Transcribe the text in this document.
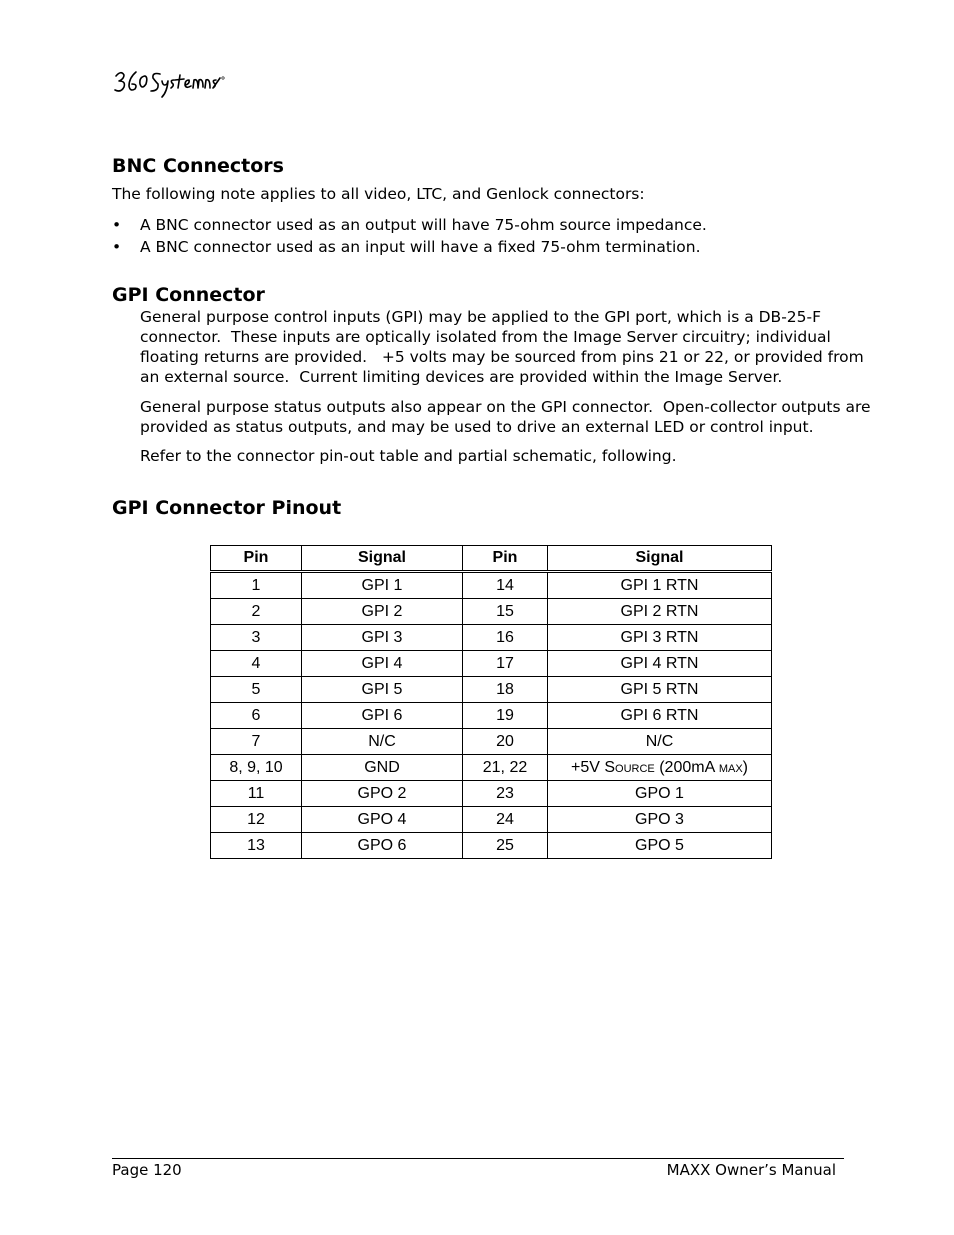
BNC Connectors

The following note applies to all video, LTC, and Genlock connectors:

• A BNC connector used as an output will have 75-ohm source impedance.
• A BNC connector used as an input will have a fixed 75-ohm termination.
GPI Connector

General purpose control inputs (GPI) may be applied to the GPI port, which is a DB-25-F

connector.  These inputs are optically isolated from the Image Server circuitry; individual

floating returns are provided.   +5 volts may be sourced from pins 21 or 22, or provided from

an external source.  Current limiting devices are provided within the Image Server.

General purpose status outputs also appear on the GPI connector.  Open-collector outputs are

provided as status outputs, and may be used to drive an external LED or control input.

Refer to the connector pin-out table and partial schematic, following.

GPI Connector Pinout
Pin	Signal	Pin	Signal
1	GPI 1	14	GPI 1 RTN
2	GPI 2	15	GPI 2 RTN
3	GPI 3	16	GPI 3 RTN
4	GPI 4	17	GPI 4 RTN
5	GPI 5	18	GPI 5 RTN
6	GPI 6	19	GPI 6 RTN
7	N/C	20	N/C
8, 9, 10	GND	21, 22	+5V Source (200mA max)
11	GPO 2	23	GPO 1
12	GPO 4	24	GPO 3
13	GPO 6	25	GPO 5
Page 120	MAXX Owner’s Manual
